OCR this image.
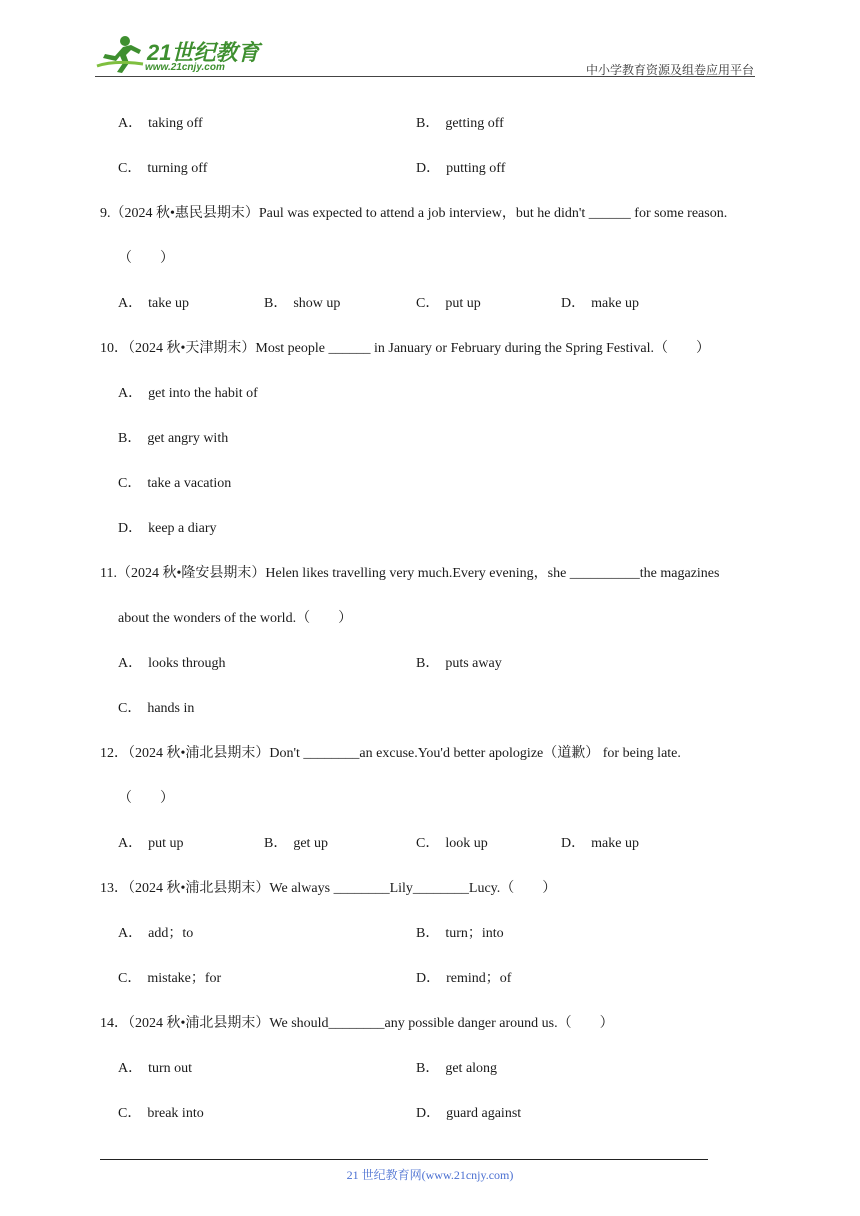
21世纪教育
www.21cnjy.com	中小学教育资源及组卷应用平台
A． taking off	B． getting off
C． turning off	D． putting off
9.（2024 秋•惠民县期末）Paul was expected to attend a job interview，but he didn't ______ for some reason.
（　　）
A． take up	B． show up	C． put up	D． make up
10．（2024 秋•天津期末）Most people ______ in January or February during the Spring Festival.（　　）
A． get into the habit of
B． get angry with
C． take a vacation
D． keep a diary
11.（2024 秋•隆安县期末）Helen likes travelling very much.Every evening，she __________the magazines
about the wonders of the world.（　　）
A． looks through	B． puts away
C． hands in
12．（2024 秋•浦北县期末）Don't ________an excuse.You'd better apologize（道歉） for being late.
（　　）
A． put up	B． get up	C． look up	D． make up
13．（2024 秋•浦北县期末）We always ________Lily________Lucy.（　　）
A． add；to	B． turn；into
C． mistake；for	D． remind；of
14．（2024 秋•浦北县期末）We should________any possible danger around us.（　　）
A． turn out	B． get along
C． break into	D． guard against
21 世纪教育网(www.21cnjy.com)
